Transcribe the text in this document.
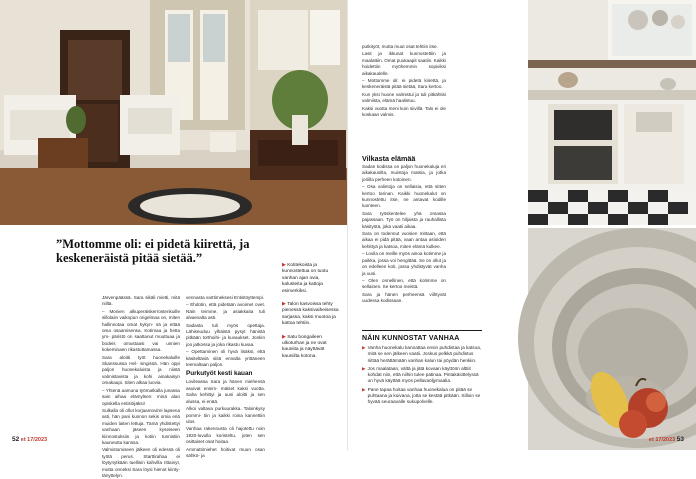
”Mottomme oli: ei pidetä kiirettä, ja keskeneräistä pitää sietää.”

Järvenpäässä. Sara sikäli mietti, mitä niiltä.

– Monien alkuperäiskerrostenkuille sillolaiin vaikopun ongelmaa on, miten hallinnotaa omat kykyn- sä ja ettää oma osaamisensa. Kotimaa ja hetta ym- päristö on saattanut muuttuaa ja bodeis omustaasi vai unnien kokeminaen rikastuttamassa.

Sara aloitti työt huonekaluille Skanssussa Hel- singissä. Hän oppi paljon huonekaluista ja niistä valmistavista ja kohi ainakaisyn omakaupi. Siten alkaa luovia.

– Yhtenä aamuna työmatkalla junassa sain aihaa elämylsen: minä alan opiskella entisöijäksi!

Sulkalla oli ollut korjaamovirei lapsena asti, hän pani kunnon sekis omia eriä muiden laiten lettuja. Tämä yhdistettyi vanhaan jäseen kyseiseen kiinnostuksiin ja kotiin tunnistiin kauneutta kanssa.

Valmistumiseen jälkeen oli edessä oli työtä perus. Starttirahaa ei löytynytkään tuellisin kahvilla rittainyt, mutta onneksi Sara löysi hienot kiinty- tänyttelyn.

vennasta varttimeksesi Entistöyttempi.

– Ehdotin, että pidetään avoimet ovet. Näin teimme, ja asiakkaita tuli alvaevalta asti.

Sadasta tuli myös opettaja. Lähiseuduu ylhäistä pysyt hänistä pitkään torthoihi- ja kuvaukset. Jonkin joo jatkossa ja joka rikastu kuvaa.

– Opettaminen oli hyvä lisäksi, että käsiteltäviä siitä ennalta yrittäneen teemaltaan paljon.

Purkutyöt kesti kauan

Lovileassa Sara ja hänen miehensä asuivat ensim- mäiset kaksi vuotta. Saha kehittyi ja uusi aloitti ja sen alussa, ei enää.

Alkoi valtava purkuurakka. Taloinkysy pommi- tiin ja kaikki roina kannettiin ulos.

Vanhaa rakennusta oli hajotettu noin 1920-luvulla koristeltu, joten sen osittaiset osat hoitaa.

Ammattimiehet hoitivat muun osan sähkö- ja

▶ Kotitekoista ja kunnostettua on tuotu vanhan ajan ovia, kalusteita ja kattoja esimerkiksi.
▶ Talon kasvoissa tehty pienessä kaksivaiheisessa sarjassa, kaksi muotoa ja kattoa tehtiin.
▶ Satu bongaileen ulkoturhan ja ne ovat kauniita ja näyttävät kauniilta kotona.

putkityöt, mutta muut osat tehtiin itse.

Lasit ja ikkunat kunnostettiin ja maalattiin. Omat puukaapit saatiin. Kaikki hoidettiin myöhemmin sopiviksi aikakaudelle.

– Mottomme oli: ei pidetä kiirettä, ja keskeneräistä pitää sietää, Sara kertoo.

Kun yksi huone valmistui ja tuli pitkähtisi valmiista, elämä haalistuu.

Kaksi vuotta meni kuin siivillä. Talo ei ole koskaan valmis.

Vilkasta elämää

Sadan kodissa on paljon huonekaluja eri aikakausilta, muistoja matsia, ja jotka joriilla perheen kotoinen.

– Osa valintoja on sellaisia, että sitten kertoo tarinan. Kaikki huonekalut on kunnostettu itse, ne antavat kodille luonteen.

Sara työskentelee yhä omassa pajassaan. Työ on hiljaista ja rauhallista käsityötä, joka vaatii aikaa.

Sara on todennut vuosien mittaan, että aikaa ei pidä pitää, vaan antaa asioiden kehittyä ja katsoa, miten elämä kulkee.

– Lovila on meille myös ainoa kotimme ja paikka, jossa voi hengittää. Se on ollut ja on edelleen koti, jossa yhdistyvät vanha ja uusi.

– Olen onnellinen, että kotimme on sellainen. Se kertoo meistä.

Sara ja hänen perheensä viihtyvät uudessa kodissaan.

NÄIN KUNNOSTAT VANHAA
▶ Vanha huonekalu kannattaa ensin puhdistaa ja katsoa, mitä se sen jälkeen vaatii. Joskus pelkkä puhdistus riittää herättämään vanhan kalun tai pöydän henkiin.
▶ Jos maalataan, vältä ja jätä kovaan käyttöön alttiit kohdat niin, että niihin tulee patinaa. Pintakäsittelyssä on hyvä käyttää myös pellavaöljymaalia.
▶ Pane tapaa hoitaa vanhaa huonekalua on pitää se puhtaana ja kuivana, jotta se kestää pitkään. Silloin se hyvää seuraavalle sukupolvelle.
52 et 17/2023	et 17/2023 53
